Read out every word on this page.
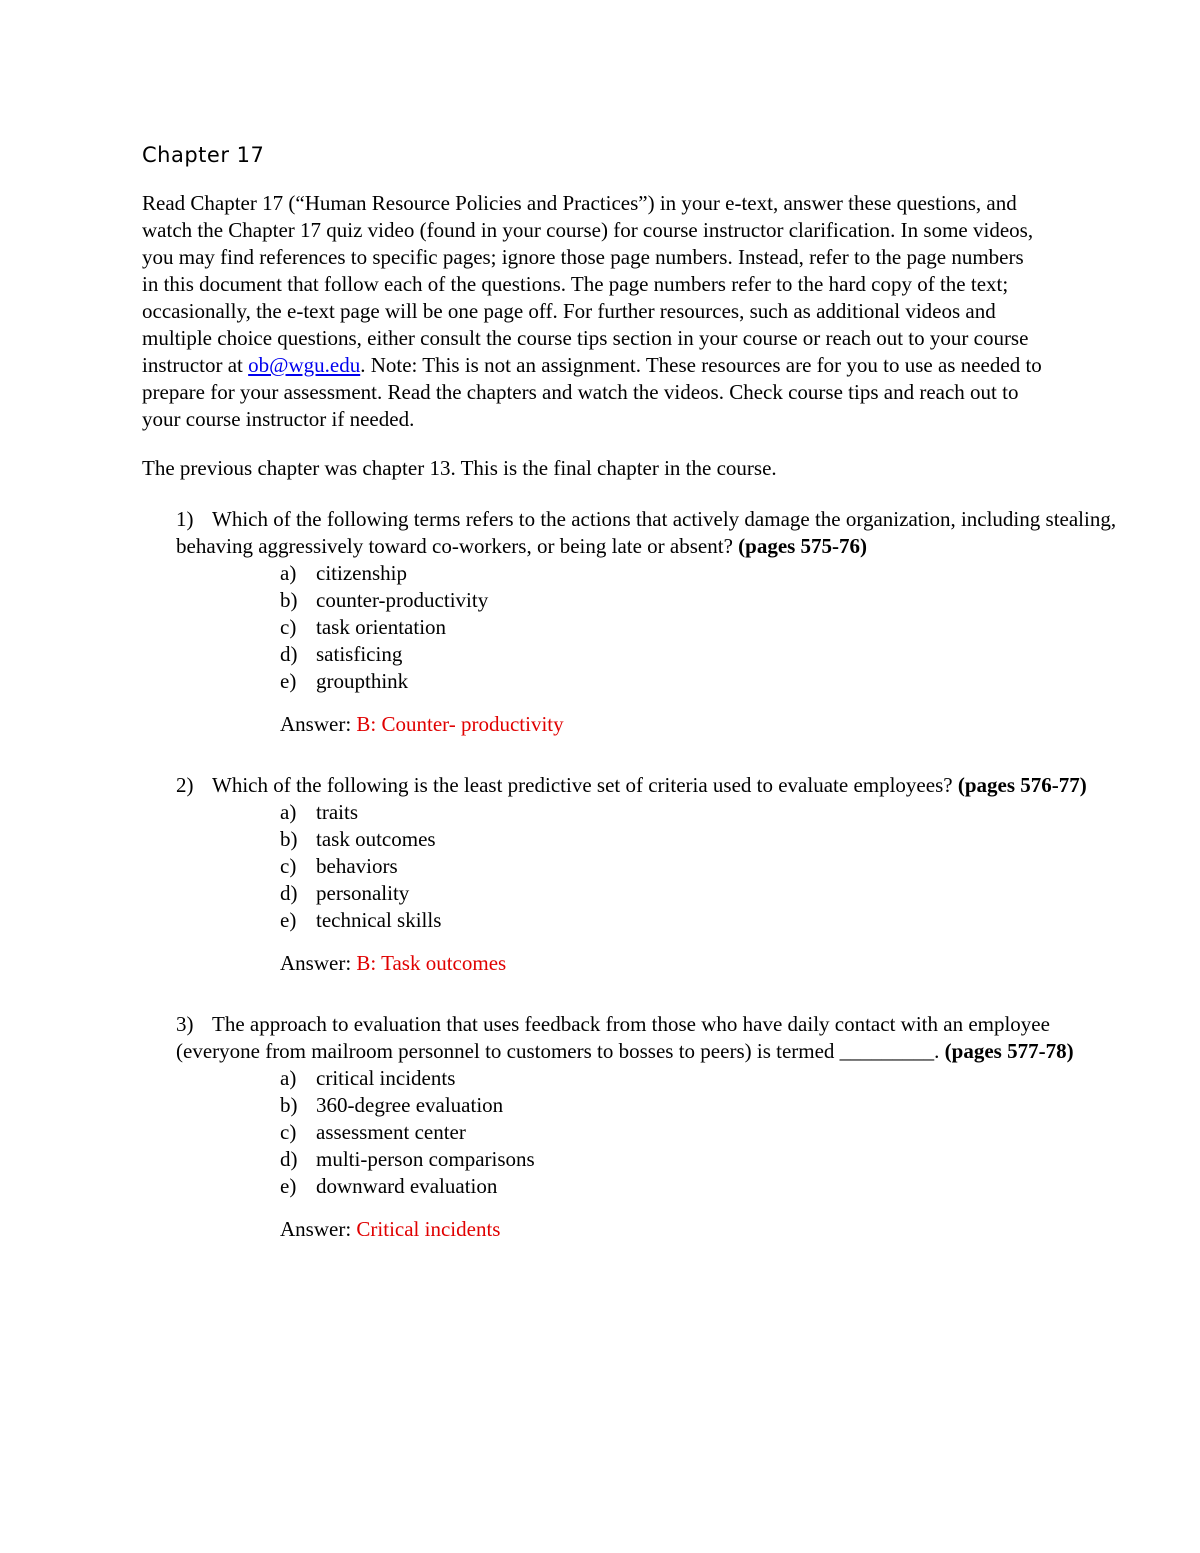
Chapter 17

Read Chapter 17 (“Human Resource Policies and Practices”) in your e-text, answer these questions, and watch the Chapter 17 quiz video (found in your course) for course instructor clarification. In some videos, you may find references to specific pages; ignore those page numbers. Instead, refer to the page numbers in this document that follow each of the questions. The page numbers refer to the hard copy of the text; occasionally, the e-text page will be one page off. For further resources, such as additional videos and multiple choice questions, either consult the course tips section in your course or reach out to your course instructor at ob@wgu.edu. Note: This is not an assignment. These resources are for you to use as needed to prepare for your assessment. Read the chapters and watch the videos. Check course tips and reach out to your course instructor if needed.

The previous chapter was chapter 13. This is the final chapter in the course.

1) Which of the following terms refers to the actions that actively damage the organization, including stealing, behaving aggressively toward co-workers, or being late or absent? (pages 575-76)

a) citizenship
b) counter-productivity
c) task orientation
d) satisficing
e) groupthink

Answer: B: Counter- productivity

2) Which of the following is the least predictive set of criteria used to evaluate employees? (pages 576-77)

a) traits
b) task outcomes
c) behaviors
d) personality
e) technical skills

Answer: B: Task outcomes

3) The approach to evaluation that uses feedback from those who have daily contact with an employee (everyone from mailroom personnel to customers to bosses to peers) is termed _________. (pages 577-78)

a) critical incidents
b) 360-degree evaluation
c) assessment center
d) multi-person comparisons
e) downward evaluation

Answer: Critical incidents
